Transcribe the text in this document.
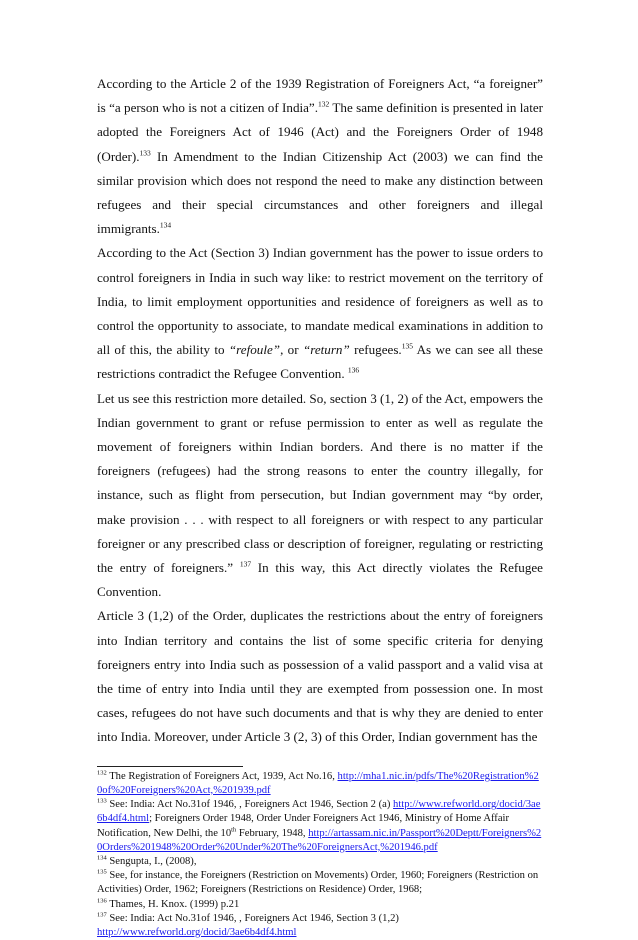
According to the Article 2 of the 1939 Registration of Foreigners Act, “a foreigner” is “a person who is not a citizen of India”.$^{132}$ The same definition is presented in later adopted the Foreigners Act of 1946 (Act) and the Foreigners Order of 1948 (Order).$^{133}$ In Amendment to the Indian Citizenship Act (2003) we can find the similar provision which does not respond the need to make any distinction between refugees and their special circumstances and other foreigners and illegal immigrants.$^{134}$

According to the Act (Section 3) Indian government has the power to issue orders to control foreigners in India in such way like: to restrict movement on the territory of India, to limit employment opportunities and residence of foreigners as well as to control the opportunity to associate, to mandate medical examinations in addition to all of this, the ability to “refoule”, or “return” refugees.$^{135}$ As we can see all these restrictions contradict the Refugee Convention. $^{136}$

Let us see this restriction more detailed. So, section 3 (1, 2) of the Act, empowers the Indian government to grant or refuse permission to enter as well as regulate the movement of foreigners within Indian borders. And there is no matter if the foreigners (refugees) had the strong reasons to enter the country illegally, for instance, such as flight from persecution, but Indian government may “by order, make provision . . . with respect to all foreigners or with respect to any particular foreigner or any prescribed class or description of foreigner, regulating or restricting the entry of foreigners.” $^{137}$ In this way, this Act directly violates the Refugee Convention.

Article 3 (1,2) of the Order, duplicates the restrictions about the entry of foreigners into Indian territory and contains the list of some specific criteria for denying foreigners entry into India such as possession of a valid passport and a valid visa at the time of entry into India until they are exempted from possession one. In most cases, refugees do not have such documents and that is why they are denied to enter into India. Moreover, under Article 3 (2, 3) of this Order, Indian government has the

$^{132}$ The Registration of Foreigners Act, 1939, Act No.16, http://mha1.nic.in/pdfs/The%20Registration%20of%20Foreigners%20Act,%201939.pdf

$^{133}$ See: India: Act No.31of 1946, , Foreigners Act 1946, Section 2 (a) http://www.refworld.org/docid/3ae6b4df4.html; Foreigners Order 1948, Order Under Foreigners Act 1946, Ministry of Home Affair Notification, New Delhi, the 10th February, 1948, http://artassam.nic.in/Passport%20Deptt/Foreigners%20Orders%201948%20Order%20Under%20The%20ForeignersAct,%201946.pdf

$^{134}$ Sengupta, I., (2008),

$^{135}$ See, for instance, the Foreigners (Restriction on Movements) Order, 1960; Foreigners (Restriction on Activities) Order, 1962; Foreigners (Restrictions on Residence) Order, 1968;

$^{136}$ Thames, H. Knox. (1999) p.21

$^{137}$ See: India: Act No.31of 1946, , Foreigners Act 1946, Section 3 (1,2)
http://www.refworld.org/docid/3ae6b4df4.html
